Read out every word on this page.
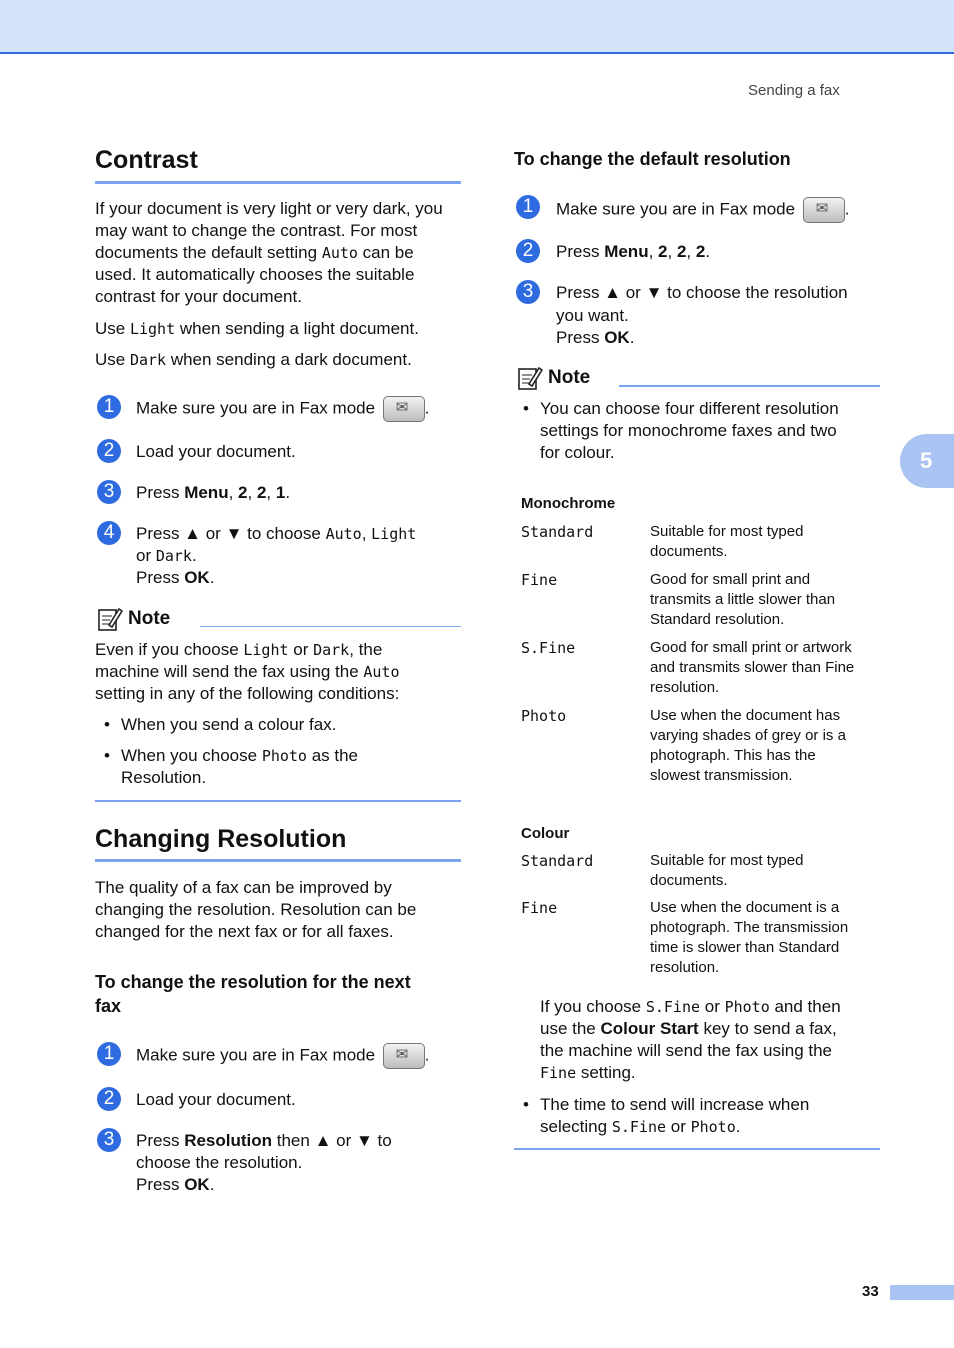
Sending a fax
5
33
Contrast
If your document is very light or very dark, you
may want to change the contrast. For most
documents the default setting Auto can be
used. It automatically chooses the suitable
contrast for your document.
Use Light when sending a light document.
Use Dark when sending a dark document.
1	Make sure you are in Fax mode ✉	.
2	Load your document.
3	Press Menu, 2, 2, 1.
4	Press ▲ or ▼ to choose Auto, Light
or Dark.
Press OK.
Note
Even if you choose Light or Dark, the
machine will send the fax using the Auto
setting in any of the following conditions:
• When you send a colour fax.
• When you choose Photo as the
Resolution.
Changing Resolution
The quality of a fax can be improved by
changing the resolution. Resolution can be
changed for the next fax or for all faxes.
To change the resolution for the next
fax
1	Make sure you are in Fax mode ✉	.
2	Load your document.
3	Press Resolution then ▲ or ▼ to
choose the resolution.
Press OK.
To change the default resolution
1	Make sure you are in Fax mode ✉	.
2	Press Menu, 2, 2, 2.
3	Press ▲ or ▼ to choose the resolution
you want.
Press OK.
Note
• You can choose four different resolution
settings for monochrome faxes and two
for colour.
Monochrome
Standard	Suitable for most typed
documents.
Fine	Good for small print and
transmits a little slower than
Standard resolution.
S.Fine	Good for small print or artwork
and transmits slower than Fine
resolution.
Photo	Use when the document has
varying shades of grey or is a
photograph. This has the
slowest transmission.
Colour
Standard	Suitable for most typed
documents.
Fine	Use when the document is a
photograph. The transmission
time is slower than Standard
resolution.
If you choose S.Fine or Photo and then
use the Colour Start key to send a fax,
the machine will send the fax using the
Fine setting.
• The time to send will increase when
selecting S.Fine or Photo.
